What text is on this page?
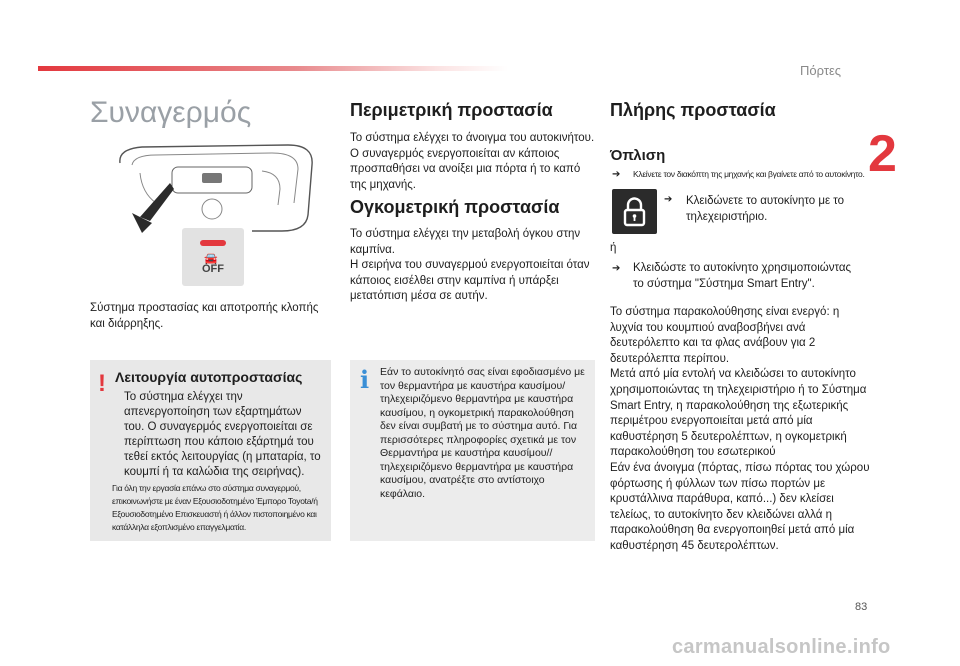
Πόρτες
2
Συναγερμός
🚘
OFF

Σύστημα προστασίας και αποτροπής κλοπής και διάρρηξης.

! Λειτουργία αυτοπροστασίας

Το σύστημα ελέγχει την απενεργοποίηση των εξαρτημάτων του. Ο συναγερμός ενεργοποιείται σε περίπτωση που κάποιο εξάρτημά του τεθεί εκτός λειτουργίας (η μπαταρία, το κουμπί ή τα καλώδια της σειρήνας).

Για όλη την εργασία επάνω στο σύστημα συναγερμού, επικοινωνήστε με έναν Εξουσιοδοτημένο Έμπορο Toyota/ή Εξουσιοδοτημένο Επισκευαστή ή άλλον πιστοποιημένο και κατάλληλα εξοπλισμένο επαγγελματία.

Περιμετρική προστασία

Το σύστημα ελέγχει το άνοιγμα του αυτοκινήτου. Ο συναγερμός ενεργοποιείται αν κάποιος προσπαθήσει να ανοίξει μια πόρτα ή το καπό της μηχανής.

Ογκομετρική προστασία

Το σύστημα ελέγχει την μεταβολή όγκου στην καμπίνα.
Η σειρήνα του συναγερμού ενεργοποιείται όταν κάποιος εισέλθει στην καμπίνα ή υπάρξει μετατόπιση μέσα σε αυτήν.

i Εάν το αυτοκίνητό σας είναι εφοδιασμένο με τον θερμαντήρα με καυστήρα καυσίμου/ τηλεχειριζόμενο θερμαντήρα με καυστήρα καυσίμου, η ογκομετρική παρακολούθηση δεν είναι συμβατή με το σύστημα αυτό. Για περισσότερες πληροφορίες σχετικά με τον Θερμαντήρα με καυστήρα καυσίμου// τηλεχειριζόμενο θερμαντήρα με καυστήρα καυσίμου, ανατρέξτε στο αντίστοιχο κεφάλαιο.

Πλήρης προστασία
Όπλιση
➔ Κλείνετε τον διακόπτη της μηχανής και βγαίνετε από το αυτοκίνητο.
➔ Κλειδώνετε το αυτοκίνητο με το τηλεχειριστήριο.

ή

➔ Κλειδώστε το αυτοκίνητο χρησιμοποιώντας το σύστημα "Σύστημα Smart Entry".

Το σύστημα παρακολούθησης είναι ενεργό: η λυχνία του κουμπιού αναβοσβήνει ανά δευτερόλεπτο και τα φλας ανάβουν για 2 δευτερόλεπτα περίπου.
Μετά από μία εντολή να κλειδώσει το αυτοκίνητο χρησιμοποιώντας τη τηλεχειριστήριο ή το Σύστημα Smart Entry, η παρακολούθηση της εξωτερικής περιμέτρου ενεργοποιείται μετά από μία καθυστέρηση 5 δευτερολέπτων, η ογκομετρική παρακολούθηση του εσωτερικού
Εάν ένα άνοιγμα (πόρτας, πίσω πόρτας του χώρου φόρτωσης ή φύλλων των πίσω πορτών με κρυστάλλινα παράθυρα, καπό...) δεν κλείσει τελείως, το αυτοκίνητο δεν κλειδώνει αλλά η παρακολούθηση θα ενεργοποιηθεί μετά από μία καθυστέρηση 45 δευτερολέπτων.

83
carmanualsonline.info
